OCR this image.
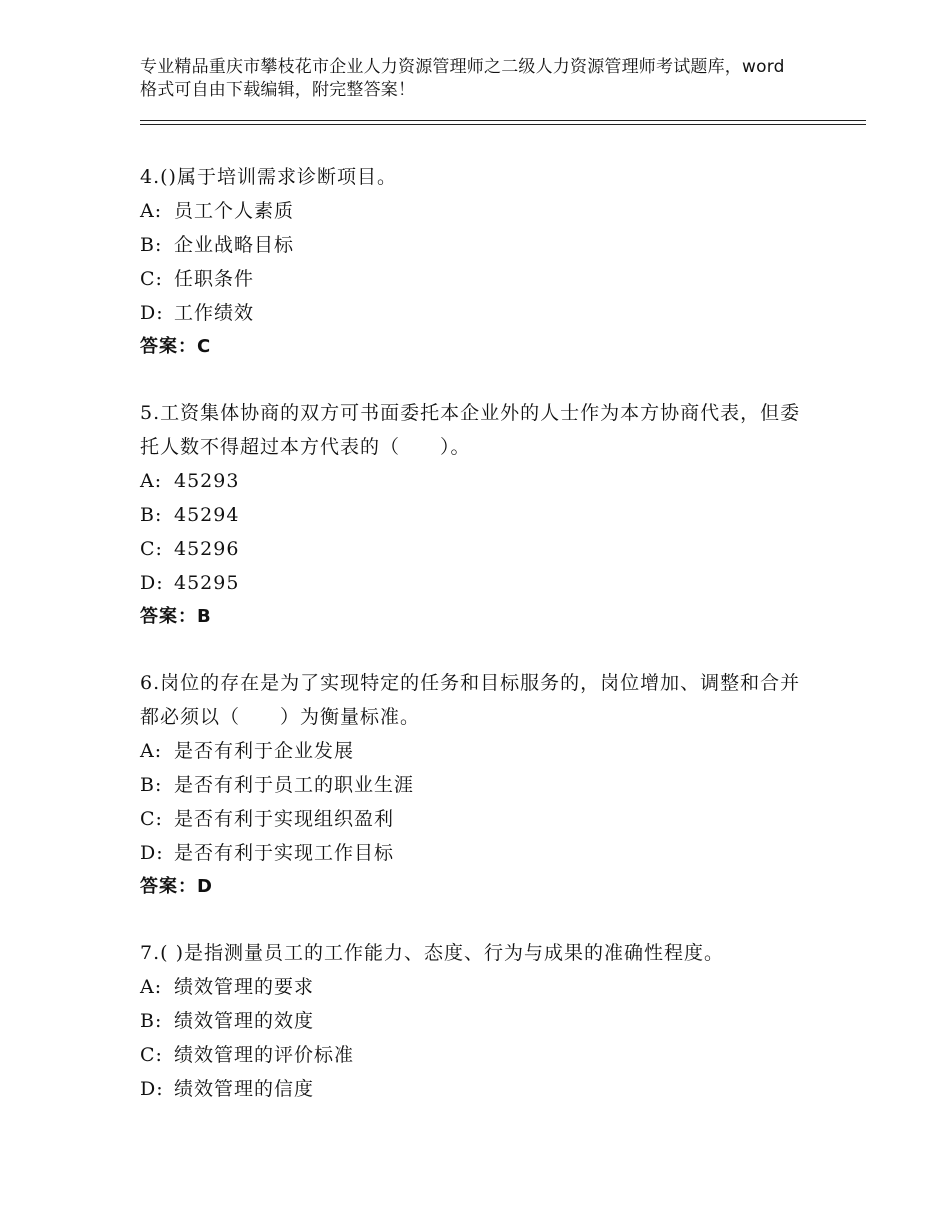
专业精品重庆市攀枝花市企业人力资源管理师之二级人力资源管理师考试题库，word格式可自由下载编辑，附完整答案！

4.()属于培训需求诊断项目。

A: 员工个人素质

B: 企业战略目标

C: 任职条件

D: 工作绩效

答案：C

5.工资集体协商的双方可书面委托本企业外的人士作为本方协商代表，但委托人数不得超过本方代表的（　　）。

A: 45293

B: 45294

C: 45296

D: 45295

答案：B

6.岗位的存在是为了实现特定的任务和目标服务的，岗位增加、调整和合并都必须以（　　）为衡量标准。

A: 是否有利于企业发展

B: 是否有利于员工的职业生涯

C: 是否有利于实现组织盈利

D: 是否有利于实现工作目标

答案：D

7.( )是指测量员工的工作能力、态度、行为与成果的准确性程度。

A: 绩效管理的要求

B: 绩效管理的效度

C: 绩效管理的评价标准

D: 绩效管理的信度
